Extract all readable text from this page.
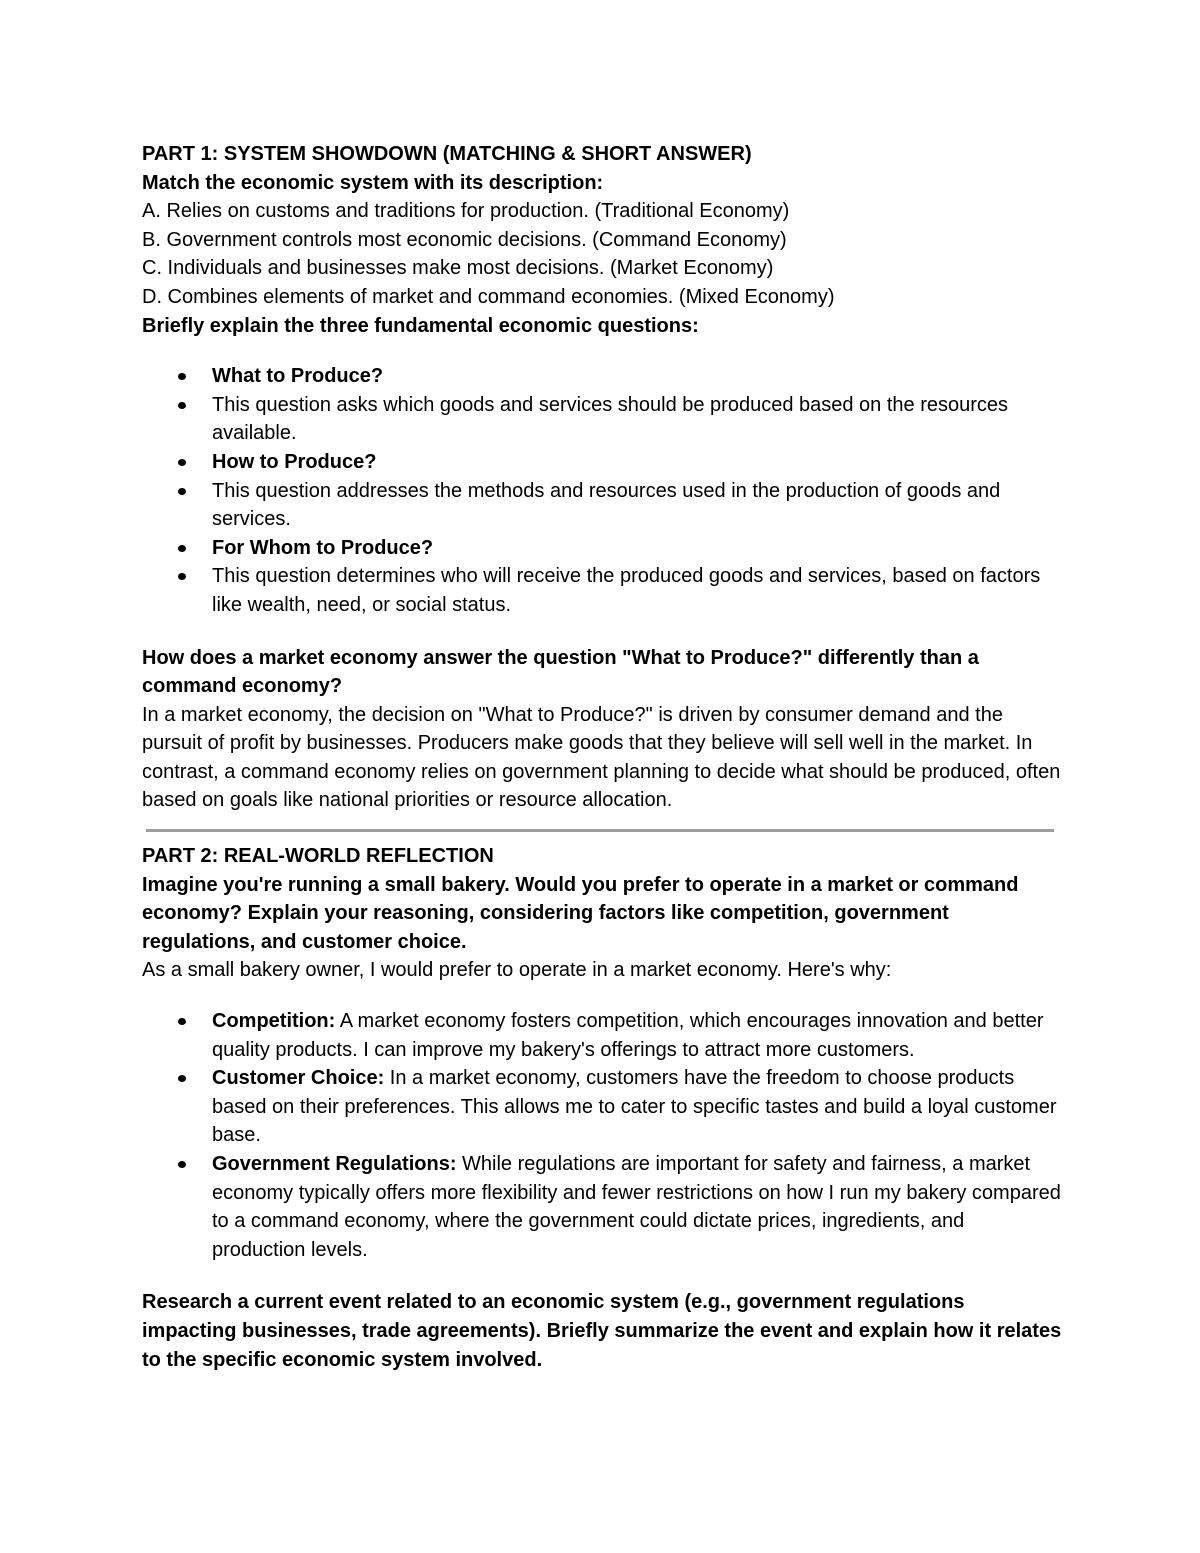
PART 1: SYSTEM SHOWDOWN (MATCHING & SHORT ANSWER)

Match the economic system with its description:

A. Relies on customs and traditions for production. (Traditional Economy)

B. Government controls most economic decisions. (Command Economy)

C. Individuals and businesses make most decisions. (Market Economy)

D. Combines elements of market and command economies. (Mixed Economy)

Briefly explain the three fundamental economic questions:

What to Produce?
This question asks which goods and services should be produced based on the resources available.
How to Produce?
This question addresses the methods and resources used in the production of goods and services.
For Whom to Produce?
This question determines who will receive the produced goods and services, based on factors like wealth, need, or social status.

How does a market economy answer the question "What to Produce?" differently than a command economy?

In a market economy, the decision on "What to Produce?" is driven by consumer demand and the pursuit of profit by businesses. Producers make goods that they believe will sell well in the market. In contrast, a command economy relies on government planning to decide what should be produced, often based on goals like national priorities or resource allocation.

PART 2: REAL-WORLD REFLECTION

Imagine you're running a small bakery. Would you prefer to operate in a market or command economy? Explain your reasoning, considering factors like competition, government regulations, and customer choice.

As a small bakery owner, I would prefer to operate in a market economy. Here's why:

Competition: A market economy fosters competition, which encourages innovation and better quality products. I can improve my bakery's offerings to attract more customers.
Customer Choice: In a market economy, customers have the freedom to choose products based on their preferences. This allows me to cater to specific tastes and build a loyal customer base.
Government Regulations: While regulations are important for safety and fairness, a market economy typically offers more flexibility and fewer restrictions on how I run my bakery compared to a command economy, where the government could dictate prices, ingredients, and production levels.

Research a current event related to an economic system (e.g., government regulations impacting businesses, trade agreements). Briefly summarize the event and explain how it relates to the specific economic system involved.
